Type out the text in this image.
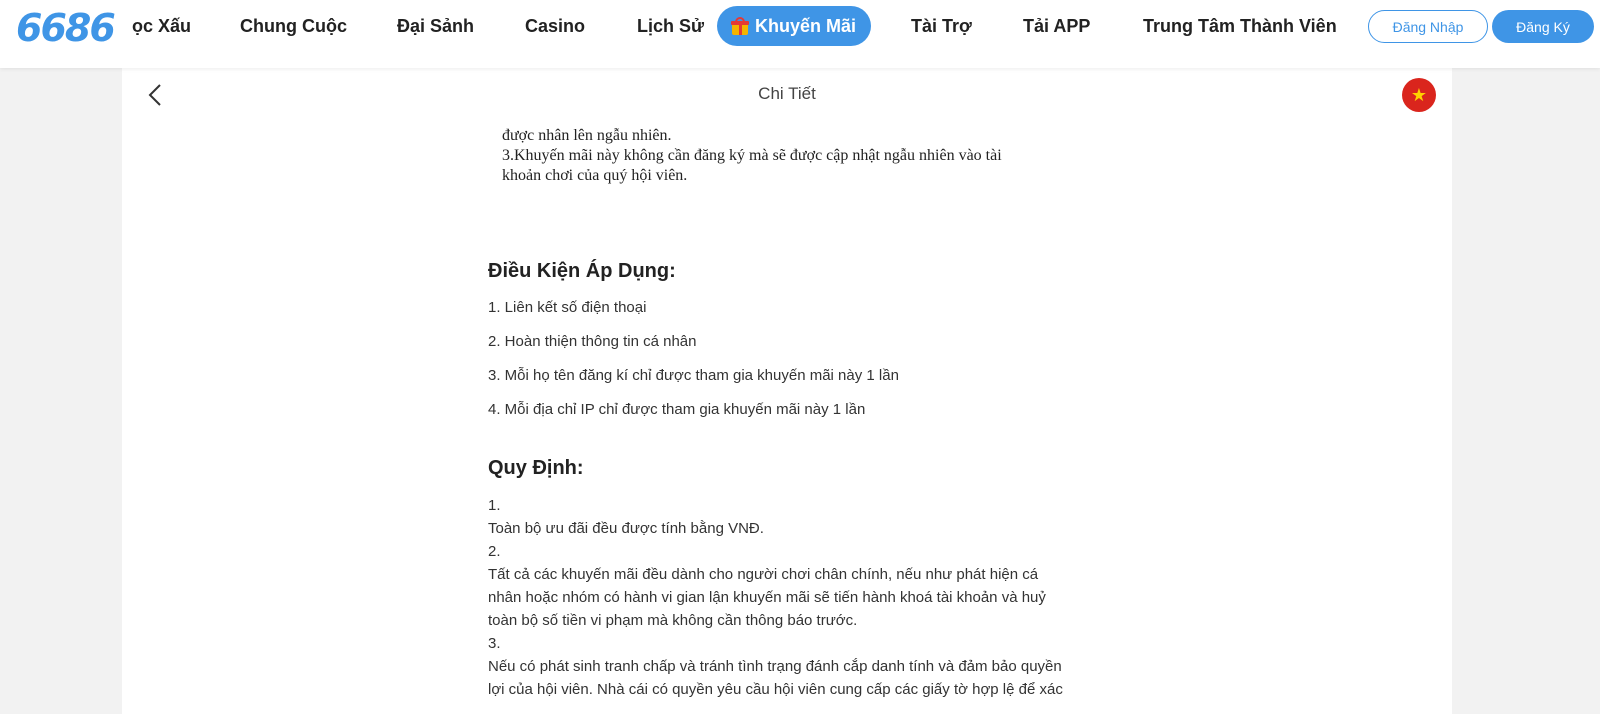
6686 ọc Xấu	Chung Cuộc	Đại Sảnh	Casino	Lịch Sử	Khuyến Mãi	Tài Trợ	Tải APP	Trung Tâm Thành Viên	Đăng Nhập	Đăng Ký
Chi Tiết	★
được nhân lên ngẫu nhiên.
3.Khuyến mãi này không cần đăng ký mà sẽ được cập nhật ngẫu nhiên vào tài
khoản chơi của quý hội viên.
Điều Kiện Áp Dụng:
1. Liên kết số điện thoại
2. Hoàn thiện thông tin cá nhân
3. Mỗi họ tên đăng kí chỉ được tham gia khuyến mãi này 1 lần
4. Mỗi địa chỉ IP chỉ được tham gia khuyến mãi này 1 lần
Quy Định:
1.
Toàn bộ ưu đãi đều được tính bằng VNĐ.
2.
Tất cả các khuyến mãi đều dành cho người chơi chân chính, nếu như phát hiện cá
nhân hoặc nhóm có hành vi gian lận khuyến mãi sẽ tiến hành khoá tài khoản và huỷ
toàn bộ số tiền vi phạm mà không cần thông báo trước.
3.
Nếu có phát sinh tranh chấp và tránh tình trạng đánh cắp danh tính và đảm bảo quyền
lợi của hội viên. Nhà cái có quyền yêu cầu hội viên cung cấp các giấy tờ hợp lệ để xác
